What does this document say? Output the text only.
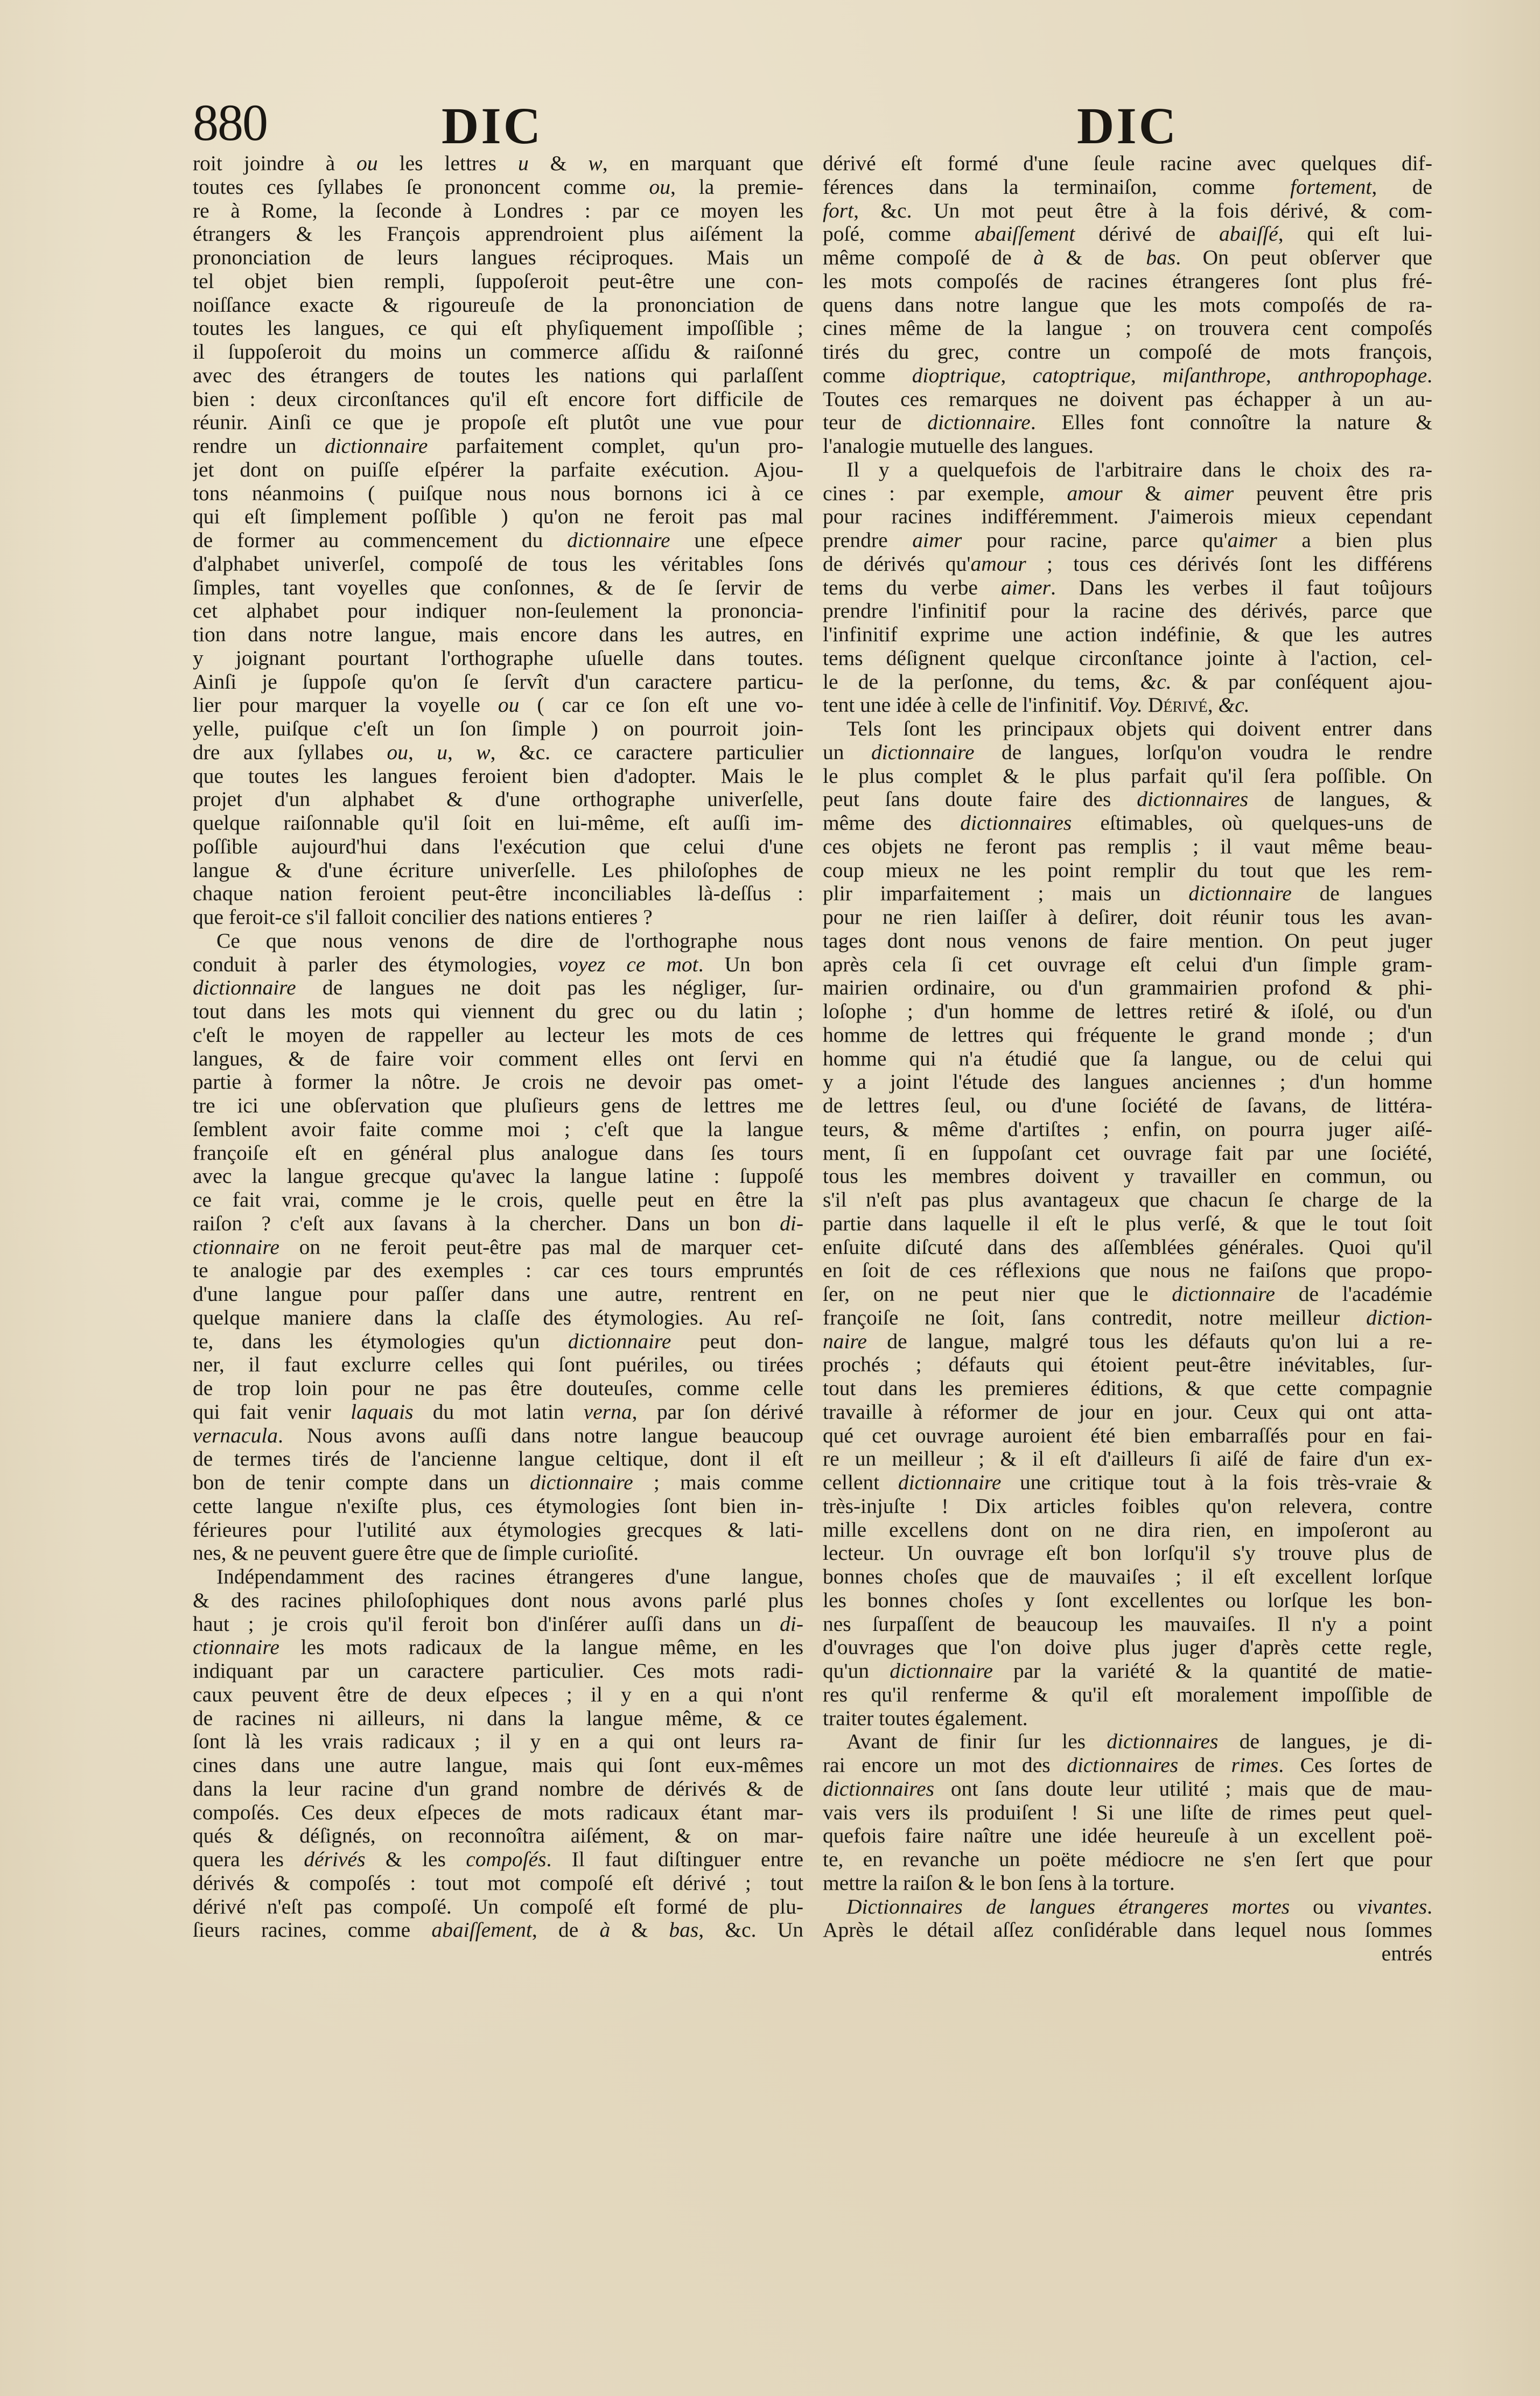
880	DIC	DIC
roit joindre à ou les lettres u & w, en marquant que
toutes ces ſyllabes ſe prononcent comme ou, la premie-
re à Rome, la ſeconde à Londres : par ce moyen les
étrangers & les François apprendroient plus aiſément la
prononciation de leurs langues réciproques. Mais un
tel objet bien rempli, ſuppoſeroit peut-être une con-
noiſſance exacte & rigoureuſe de la prononciation de
toutes les langues, ce qui eſt phyſiquement impoſſible ;
il ſuppoſeroit du moins un commerce aſſidu & raiſonné
avec des étrangers de toutes les nations qui parlaſſent
bien : deux circonſtances qu'il eſt encore fort difficile de
réunir. Ainſi ce que je propoſe eſt plutôt une vue pour
rendre un dictionnaire parfaitement complet, qu'un pro-
jet dont on puiſſe eſpérer la parfaite exécution. Ajou-
tons néanmoins ( puiſque nous nous bornons ici à ce
qui eſt ſimplement poſſible ) qu'on ne feroit pas mal
de former au commencement du dictionnaire une eſpece
d'alphabet univerſel, compoſé de tous les véritables ſons
ſimples, tant voyelles que conſonnes, & de ſe ſervir de
cet alphabet pour indiquer non-ſeulement la prononcia-
tion dans notre langue, mais encore dans les autres, en
y joignant pourtant l'orthographe uſuelle dans toutes.
Ainſi je ſuppoſe qu'on ſe ſervît d'un caractere particu-
lier pour marquer la voyelle ou ( car ce ſon eſt une vo-
yelle, puiſque c'eſt un ſon ſimple ) on pourroit join-
dre aux ſyllabes ou, u, w, &c. ce caractere particulier
que toutes les langues feroient bien d'adopter. Mais le
projet d'un alphabet & d'une orthographe univerſelle,
quelque raiſonnable qu'il ſoit en lui-même, eſt auſſi im-
poſſible aujourd'hui dans l'exécution que celui d'une
langue & d'une écriture univerſelle. Les philoſophes de
chaque nation feroient peut-être inconciliables là-deſſus :
que feroit-ce s'il falloit concilier des nations entieres ?
Ce que nous venons de dire de l'orthographe nous
conduit à parler des étymologies, voyez ce mot. Un bon
dictionnaire de langues ne doit pas les négliger, ſur-
tout dans les mots qui viennent du grec ou du latin ;
c'eſt le moyen de rappeller au lecteur les mots de ces
langues, & de faire voir comment elles ont ſervi en
partie à former la nôtre. Je crois ne devoir pas omet-
tre ici une obſervation que pluſieurs gens de lettres me
ſemblent avoir faite comme moi ; c'eſt que la langue
françoiſe eſt en général plus analogue dans ſes tours
avec la langue grecque qu'avec la langue latine : ſuppoſé
ce fait vrai, comme je le crois, quelle peut en être la
raiſon ? c'eſt aux ſavans à la chercher. Dans un bon di-
ctionnaire on ne feroit peut-être pas mal de marquer cet-
te analogie par des exemples : car ces tours empruntés
d'une langue pour paſſer dans une autre, rentrent en
quelque maniere dans la claſſe des étymologies. Au reſ-
te, dans les étymologies qu'un dictionnaire peut don-
ner, il faut exclurre celles qui ſont puériles, ou tirées
de trop loin pour ne pas être douteuſes, comme celle
qui fait venir laquais du mot latin verna, par ſon dérivé
vernacula. Nous avons auſſi dans notre langue beaucoup
de termes tirés de l'ancienne langue celtique, dont il eſt
bon de tenir compte dans un dictionnaire ; mais comme
cette langue n'exiſte plus, ces étymologies ſont bien in-
férieures pour l'utilité aux étymologies grecques & lati-
nes, & ne peuvent guere être que de ſimple curioſité.
Indépendamment des racines étrangeres d'une langue,
& des racines philoſophiques dont nous avons parlé plus
haut ; je crois qu'il feroit bon d'inſérer auſſi dans un di-
ctionnaire les mots radicaux de la langue même, en les
indiquant par un caractere particulier. Ces mots radi-
caux peuvent être de deux eſpeces ; il y en a qui n'ont
de racines ni ailleurs, ni dans la langue même, & ce
ſont là les vrais radicaux ; il y en a qui ont leurs ra-
cines dans une autre langue, mais qui ſont eux-mêmes
dans la leur racine d'un grand nombre de dérivés & de
compoſés. Ces deux eſpeces de mots radicaux étant mar-
qués & déſignés, on reconnoîtra aiſément, & on mar-
quera les dérivés & les compoſés. Il faut diſtinguer entre
dérivés & compoſés : tout mot compoſé eſt dérivé ; tout
dérivé n'eſt pas compoſé. Un compoſé eſt formé de plu-
ſieurs racines, comme abaiſſement, de à & bas, &c. Un
dérivé eſt formé d'une ſeule racine avec quelques dif-
férences dans la terminaiſon, comme fortement, de
fort, &c. Un mot peut être à la fois dérivé, & com-
poſé, comme abaiſſement dérivé de abaiſſé, qui eſt lui-
même compoſé de à & de bas. On peut obſerver que
les mots compoſés de racines étrangeres ſont plus fré-
quens dans notre langue que les mots compoſés de ra-
cines même de la langue ; on trouvera cent compoſés
tirés du grec, contre un compoſé de mots françois,
comme dioptrique, catoptrique, miſanthrope, anthropophage.
Toutes ces remarques ne doivent pas échapper à un au-
teur de dictionnaire. Elles font connoître la nature &
l'analogie mutuelle des langues.
Il y a quelquefois de l'arbitraire dans le choix des ra-
cines : par exemple, amour & aimer peuvent être pris
pour racines indifféremment. J'aimerois mieux cependant
prendre aimer pour racine, parce qu'aimer a bien plus
de dérivés qu'amour ; tous ces dérivés ſont les différens
tems du verbe aimer. Dans les verbes il faut toûjours
prendre l'infinitif pour la racine des dérivés, parce que
l'infinitif exprime une action indéfinie, & que les autres
tems déſignent quelque circonſtance jointe à l'action, cel-
le de la perſonne, du tems, &c. & par conſéquent ajou-
tent une idée à celle de l'infinitif. Voy. Dérivé, &c.
Tels ſont les principaux objets qui doivent entrer dans
un dictionnaire de langues, lorſqu'on voudra le rendre
le plus complet & le plus parfait qu'il ſera poſſible. On
peut ſans doute faire des dictionnaires de langues, &
même des dictionnaires eſtimables, où quelques-uns de
ces objets ne feront pas remplis ; il vaut même beau-
coup mieux ne les point remplir du tout que les rem-
plir imparfaitement ; mais un dictionnaire de langues
pour ne rien laiſſer à deſirer, doit réunir tous les avan-
tages dont nous venons de faire mention. On peut juger
après cela ſi cet ouvrage eſt celui d'un ſimple gram-
mairien ordinaire, ou d'un grammairien profond & phi-
loſophe ; d'un homme de lettres retiré & iſolé, ou d'un
homme de lettres qui fréquente le grand monde ; d'un
homme qui n'a étudié que ſa langue, ou de celui qui
y a joint l'étude des langues anciennes ; d'un homme
de lettres ſeul, ou d'une ſociété de ſavans, de littéra-
teurs, & même d'artiſtes ; enfin, on pourra juger aiſé-
ment, ſi en ſuppoſant cet ouvrage fait par une ſociété,
tous les membres doivent y travailler en commun, ou
s'il n'eſt pas plus avantageux que chacun ſe charge de la
partie dans laquelle il eſt le plus verſé, & que le tout ſoit
enſuite diſcuté dans des aſſemblées générales. Quoi qu'il
en ſoit de ces réflexions que nous ne faiſons que propo-
ſer, on ne peut nier que le dictionnaire de l'académie
françoiſe ne ſoit, ſans contredit, notre meilleur diction-
naire de langue, malgré tous les défauts qu'on lui a re-
prochés ; défauts qui étoient peut-être inévitables, ſur-
tout dans les premieres éditions, & que cette compagnie
travaille à réformer de jour en jour. Ceux qui ont atta-
qué cet ouvrage auroient été bien embarraſſés pour en fai-
re un meilleur ; & il eſt d'ailleurs ſi aiſé de faire d'un ex-
cellent dictionnaire une critique tout à la fois très-vraie &
très-injuſte ! Dix articles foibles qu'on relevera, contre
mille excellens dont on ne dira rien, en impoſeront au
lecteur. Un ouvrage eſt bon lorſqu'il s'y trouve plus de
bonnes choſes que de mauvaiſes ; il eſt excellent lorſque
les bonnes choſes y ſont excellentes ou lorſque les bon-
nes ſurpaſſent de beaucoup les mauvaiſes. Il n'y a point
d'ouvrages que l'on doive plus juger d'après cette regle,
qu'un dictionnaire par la variété & la quantité de matie-
res qu'il renferme & qu'il eſt moralement impoſſible de
traiter toutes également.
Avant de finir ſur les dictionnaires de langues, je di-
rai encore un mot des dictionnaires de rimes. Ces ſortes de
dictionnaires ont ſans doute leur utilité ; mais que de mau-
vais vers ils produiſent ! Si une liſte de rimes peut quel-
quefois faire naître une idée heureuſe à un excellent poë-
te, en revanche un poëte médiocre ne s'en ſert que pour
mettre la raiſon & le bon ſens à la torture.
Dictionnaires de langues étrangeres mortes ou vivantes.
Après le détail aſſez conſidérable dans lequel nous ſommes
entrés
